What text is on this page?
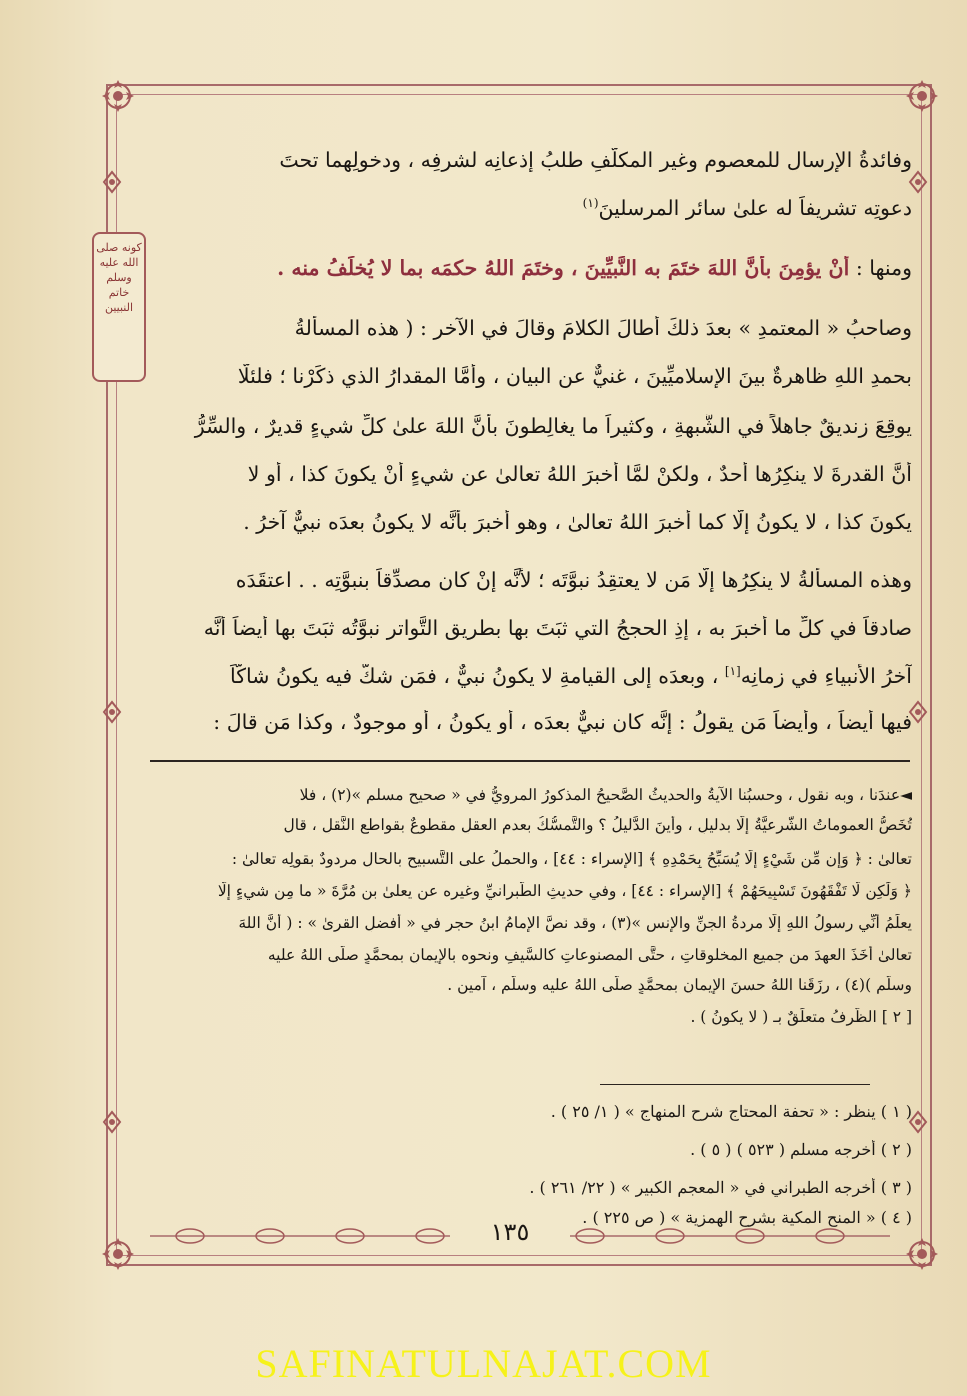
كونه صلى الله عليه وسلم خاتم النبيين
وفائدةُ الإرسالِ للمعصومِ وغيرِ المكلَّفِ طلبُ إذعانِه لشرفِه ، ودخولِهما تحتَ
دعوتِه تشريفاً له علىٰ سائرِ المرسلينَ$^{(١)}$
ومنها : أنْ يؤمِنَ بأنَّ اللهَ ختَمَ به النَّبيِّينَ ، وختَمَ اللهُ حكمَه بما لا يُخلَفُ منه .
وصاحبُ « المعتمدِ » بعدَ ذلكَ أطالَ الكلامَ وقالَ في الآخرِ : ( هذه المسألةُ
بحمدِ اللهِ ظاهرةٌ بينَ الإسلاميِّينَ ، غنيٌّ عنِ البيانِ ، وأمَّا المقدارُ الذي ذكَرْنا ؛ فلئلَّا
يوقِعَ زنديقٌ جاهلاً في الشُّبهةِ ، وكثيراً ما يغالِطونَ بأنَّ اللهَ علىٰ كلِّ شيءٍ قديرٌ ، والسِّرُّ
أنَّ القدرةَ لا ينكِرُها أحدٌ ، ولكنْ لمَّا أخبرَ اللهُ تعالىٰ عن شيءٍ أنْ يكونَ كذا ، أو لا
يكونَ كذا ، لا يكونُ إلَّا كما أخبرَ اللهُ تعالىٰ ، وهو أخبرَ بأنَّه لا يكونُ بعدَه نبيٌّ آخرُ .
وهذه المسألةُ لا ينكِرُها إلَّا مَن لا يعتقِدُ نبوَّتَه ؛ لأنَّه إنْ كان مصدِّقاً بنبوَّتِه . . اعتقَدَه
صادقاً في كلِّ ما أخبرَ به ، إذِ الحججُ التي ثبَتَ بها بطريقِ التَّواترِ نبوَّتُه ثبَتَ بها أيضاً أنَّه
آخرُ الأنبياءِ في زمانِه[١] ، وبعدَه إلى القيامةِ لا يكونُ نبيٌّ ، فمَن شكَّ فيه يكونُ شاكّاً
فيها أيضاً ، وأيضاً مَن يقولُ : إنَّه كان نبيٌّ بعدَه ، أو يكونُ ، أو موجودٌ ، وكذا مَن قالَ :
◄عندَنا ، وبه نقول ، وحسبُنا الآيةُ والحديثُ الصَّحيحُ المذكورُ المرويُّ في « صحيحِ مسلمٍ »(٢) ، فلا
تُخَصُّ العموماتُ الشَّرعيَّةُ إلَّا بدليلٍ ، وأينَ الدَّليلُ ؟ والتَّمسُّكُ بعدمِ العقلِ مقطوعٌ بقواطعِ النَّقلِ ، قال
تعالىٰ : ﴿ وَإِن مِّن شَيْءٍ إِلَّا يُسَبِّحُ بِحَمْدِهِ ﴾ [الإسراء : ٤٤] ، والحملُ على التَّسبيحِ بالحالِ مردودٌ بقولِه تعالىٰ :
﴿ وَلَٰكِن لَّا تَفْقَهُونَ تَسْبِيحَهُمْ ﴾ [الإسراء : ٤٤] ، وفي حديثِ الطَّبرانيِّ وغيرِه عن يعلىٰ بنِ مُرَّةَ « ما مِن شيءٍ إلَّا
يعلَمُ أنِّي رسولُ اللهِ إلَّا مردةُ الجنِّ والإنسِ »(٣) ، وقد نصَّ الإمامُ ابنُ حجرٍ في « أفضلِ القرىٰ » : ( أنَّ اللهَ
تعالىٰ أخَذَ العهدَ من جميعِ المخلوقاتِ ، حتَّى المصنوعاتِ كالسَّيفِ ونحوِه بالإيمانِ بمحمَّدٍ صلَّى اللهُ عليه
وسلَّم )(٤) ، رزَقَنا اللهُ حسنَ الإيمانِ بمحمَّدٍ صلَّى اللهُ عليه وسلَّم ، آمين .
[ ٢ ] الظَّرفُ متعلِّقٌ بـ ( لا يكونُ ) .
( ١ ) ينظر : « تحفة المحتاج شرح المنهاج » ( ١/ ٢٥ ) .
( ٢ ) أخرجه مسلم ( ٥٢٣ ) ( ٥ ) .
( ٣ ) أخرجه الطبراني في « المعجم الكبير » ( ٢٢/ ٢٦١ ) .
( ٤ ) « المنح المكية بشرح الهمزية » ( ص ٢٢٥ ) .
١٣٥
SAFINATULNAJAT.COM
